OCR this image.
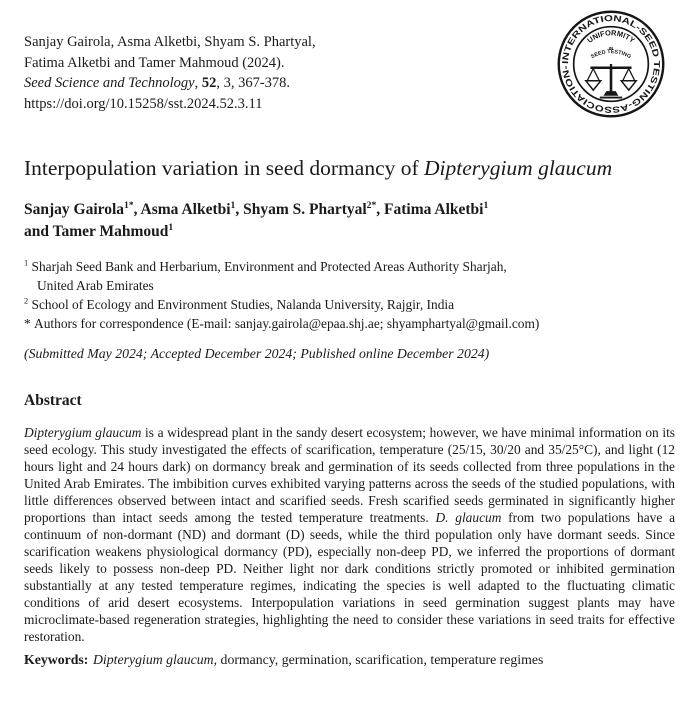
Sanjay Gairola, Asma Alketbi, Shyam S. Phartyal,
Fatima Alketbi and Tamer Mahmoud (2024).
Seed Science and Technology, 52, 3, 367-378.
https://doi.org/10.15258/sst.2024.52.3.11
INTERNATIONAL-SEED TESTING-ASSOCIATION-
UNIFORMITY
IN
SEED TESTING
Interpopulation variation in seed dormancy of Dipterygium glaucum
Sanjay Gairola$^{1*}$, Asma Alketbi$^1$, Shyam S. Phartyal$^{2*}$, Fatima Alketbi$^1$
and Tamer Mahmoud$^1$
$^1$ Sharjah Seed Bank and Herbarium, Environment and Protected Areas Authority Sharjah,
United Arab Emirates
$^2$ School of Ecology and Environment Studies, Nalanda University, Rajgir, India
* Authors for correspondence (E-mail: sanjay.gairola@epaa.shj.ae; shyamphartyal@gmail.com)
(Submitted May 2024; Accepted December 2024; Published online December 2024)
Abstract

Dipterygium glaucum is a widespread plant in the sandy desert ecosystem; however, we have minimal information on its seed ecology. This study investigated the effects of scarification, temperature (25/15, 30/20 and 35/25°C), and light (12 hours light and 24 hours dark) on dormancy break and germination of its seeds collected from three populations in the United Arab Emirates. The imbibition curves exhibited varying patterns across the seeds of the studied populations, with little differences observed between intact and scarified seeds. Fresh scarified seeds germinated in significantly higher proportions than intact seeds among the tested temperature treatments. D. glaucum from two populations have a continuum of non-dormant (ND) and dormant (D) seeds, while the third population only have dormant seeds. Since scarification weakens physiological dormancy (PD), especially non-deep PD, we inferred the proportions of dormant seeds likely to possess non-deep PD. Neither light nor dark conditions strictly promoted or inhibited germination substantially at any tested temperature regimes, indicating the species is well adapted to the fluctuating climatic conditions of arid desert ecosystems. Interpopulation variations in seed germination suggest plants may have microclimate-based regeneration strategies, highlighting the need to consider these variations in seed traits for effective restoration.

Keywords: Dipterygium glaucum, dormancy, germination, scarification, temperature regimes
